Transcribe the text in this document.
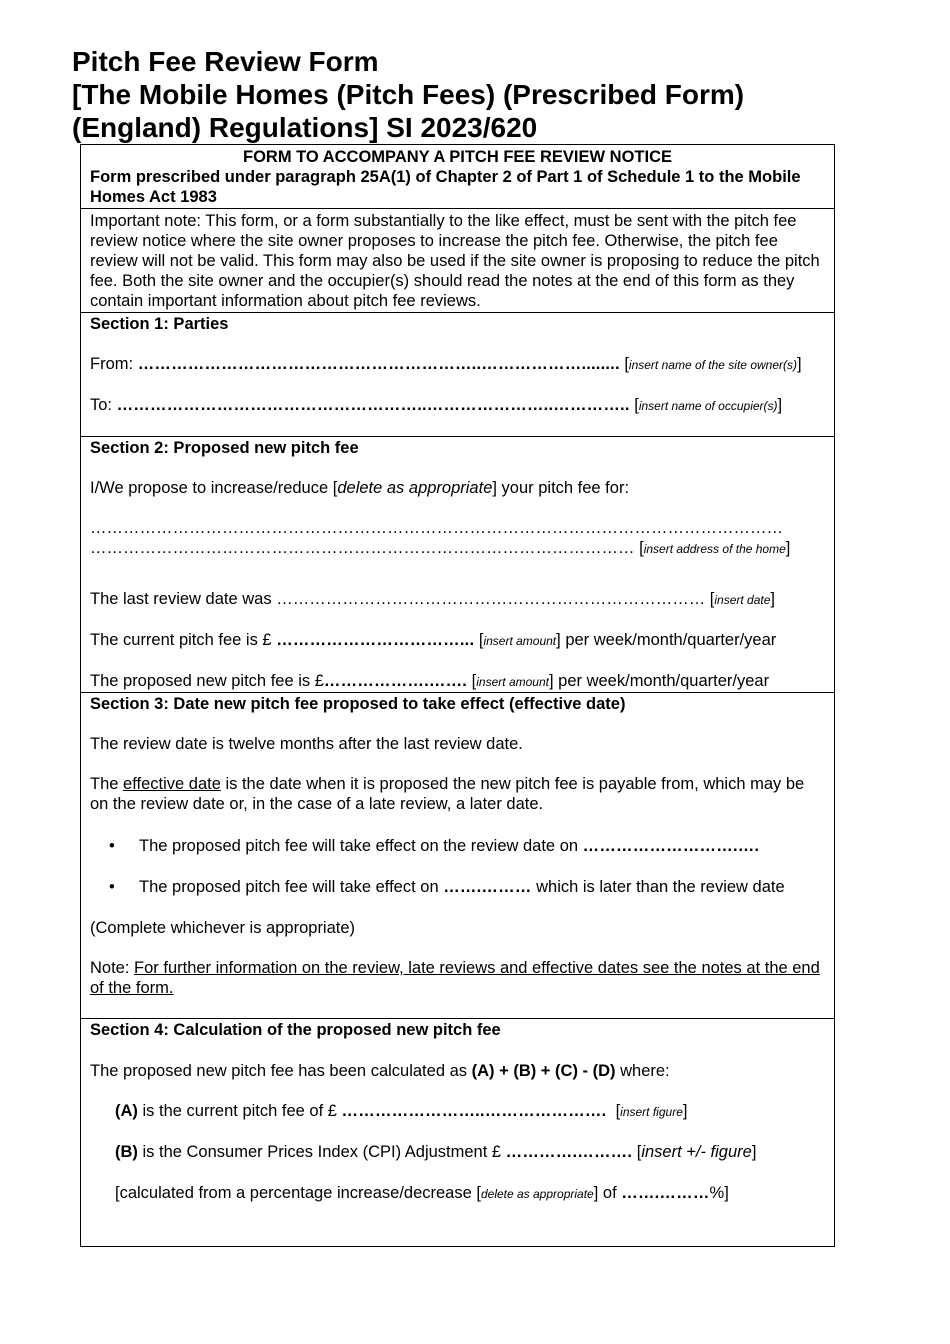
Pitch Fee Review Form
[The Mobile Homes (Pitch Fees) (Prescribed Form)
(England) Regulations] SI 2023/620

FORM TO ACCOMPANY A PITCH FEE REVIEW NOTICE

Form prescribed under paragraph 25A(1) of Chapter 2 of Part 1 of Schedule 1 to the Mobile Homes Act 1983

Important note: This form, or a form substantially to the like effect, must be sent with the pitch fee review notice where the site owner proposes to increase the pitch fee. Otherwise, the pitch fee review will not be valid. This form may also be used if the site owner is proposing to reduce the pitch fee. Both the site owner and the occupier(s) should read the notes at the end of this form as they contain important information about pitch fee reviews.

Section 1: Parties

From: ……………………………………………………..………………........ [insert name of the site owner(s)]

To: ………………………………………………..…………………..………….. [insert name of occupier(s)]

Section 2: Proposed new pitch fee

I/We propose to increase/reduce [delete as appropriate] your pitch fee for:

………………………………………………………………………………………………………………

……………………………………………………………………………………… [insert address of the home]

The last review date was …………………………………………………………………… [insert date]

The current pitch fee is £ ……………………………... [insert amount] per week/month/quarter/year

The proposed new pitch fee is £……………….……. [insert amount] per week/month/quarter/year

Section 3: Date new pitch fee proposed to take effect (effective date)

The review date is twelve months after the last review date.

The effective date is the date when it is proposed the new pitch fee is payable from, which may be on the review date or, in the case of a late review, a later date.

• The proposed pitch fee will take effect on the review date on ……………………….….

• The proposed pitch fee will take effect on …….……… which is later than the review date

(Complete whichever is appropriate)

Note: For further information on the review, late reviews and effective dates see the notes at the end of the form.

Section 4: Calculation of the proposed new pitch fee

The proposed new pitch fee has been calculated as (A) + (B) + (C) - (D) where:

(A) is the current pitch fee of £ ……………………..………………….  [insert figure]

(B) is the Consumer Prices Index (CPI) Adjustment £ ………….………. [insert +/- figure]

[calculated from a percentage increase/decrease [delete as appropriate] of …….………%]
